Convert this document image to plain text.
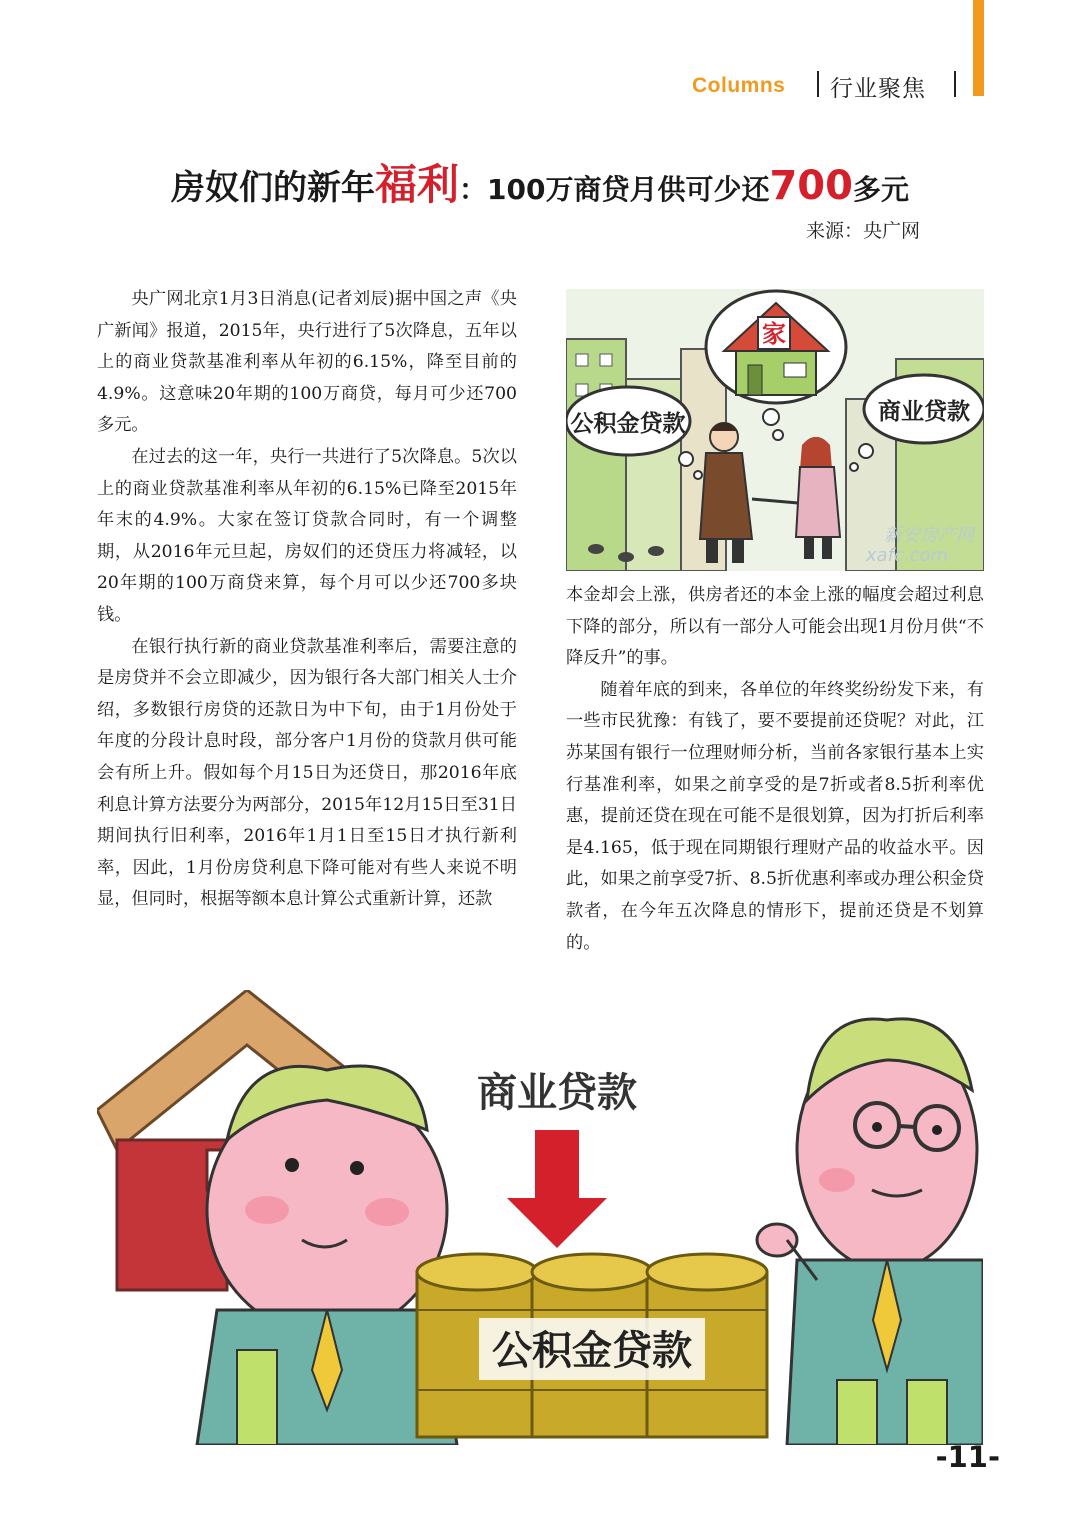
Columns 行业聚焦
房奴们的新年福利：100万商贷月供可少还700多元
来源：央广网

央广网北京1月3日消息(记者刘辰)据中国之声《央广新闻》报道，2015年，央行进行了5次降息，五年以上的商业贷款基准利率从年初的6.15%，降至目前的4.9%。这意味20年期的100万商贷，每月可少还700多元。

在过去的这一年，央行一共进行了5次降息。5次以上的商业贷款基准利率从年初的6.15%已降至2015年年末的4.9%。大家在签订贷款合同时，有一个调整期，从2016年元旦起，房奴们的还贷压力将减轻，以20年期的100万商贷来算，每个月可以少还700多块钱。

在银行执行新的商业贷款基准利率后，需要注意的是房贷并不会立即减少，因为银行各大部门相关人士介绍，多数银行房贷的还款日为中下旬，由于1月份处于年度的分段计息时段，部分客户1月份的贷款月供可能会有所上升。假如每个月15日为还贷日，那2016年底利息计算方法要分为两部分，2015年12月15日至31日期间执行旧利率，2016年1月1日至15日才执行新利率，因此，1月份房贷利息下降可能对有些人来说不明显，但同时，根据等额本息计算公式重新计算，还款

家
公积金贷款	商业贷款
新安房产网
xafc.com

本金却会上涨，供房者还的本金上涨的幅度会超过利息下降的部分，所以有一部分人可能会出现1月份月供“不降反升”的事。

随着年底的到来，各单位的年终奖纷纷发下来，有一些市民犹豫：有钱了，要不要提前还贷呢？对此，江苏某国有银行一位理财师分析，当前各家银行基本上实行基准利率，如果之前享受的是7折或者8.5折利率优惠，提前还贷在现在可能不是很划算，因为打折后利率是4.165，低于现在同期银行理财产品的收益水平。因此，如果之前享受7折、8.5折优惠利率或办理公积金贷款者，在今年五次降息的情形下，提前还贷是不划算的。

商业贷款
公积金贷款
-11-
